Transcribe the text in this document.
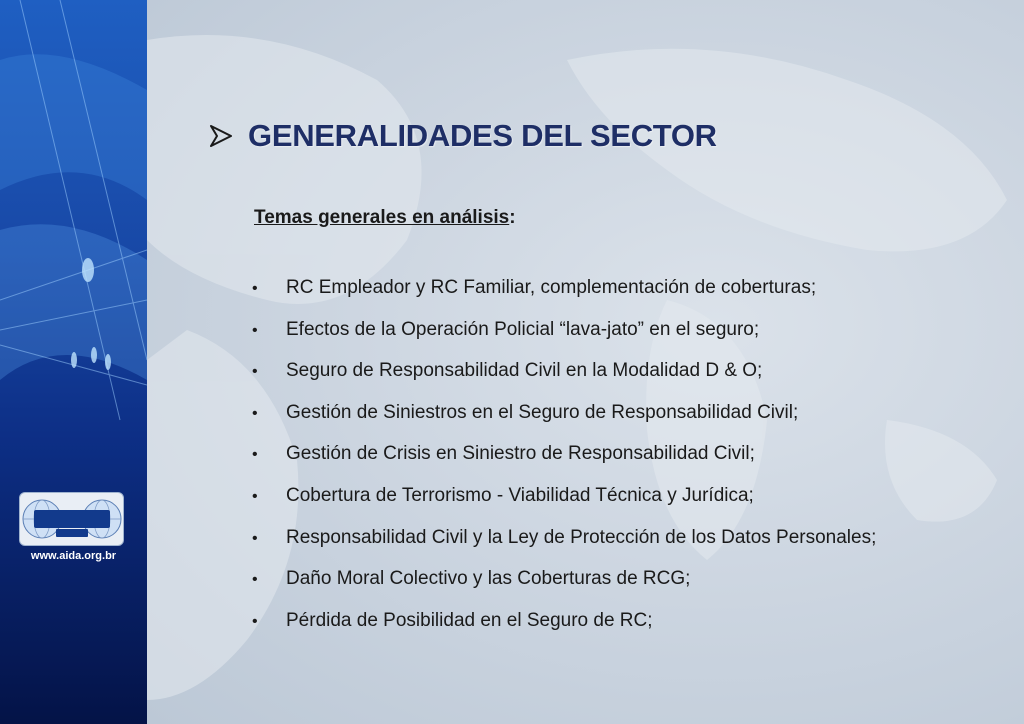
www.aida.org.br
GENERALIDADES DEL SECTOR
Temas generales en análisis:
•	RC Empleador y RC Familiar, complementación de coberturas;
•	Efectos de la Operación Policial “lava-jato” en el seguro;
•	Seguro de Responsabilidad Civil en la Modalidad D & O;
•	Gestión de Siniestros en el Seguro de Responsabilidad Civil;
•	Gestión de Crisis en Siniestro de Responsabilidad Civil;
•	Cobertura de Terrorismo - Viabilidad Técnica y Jurídica;
•	Responsabilidad Civil y la Ley de Protección de los Datos Personales;
•	Daño Moral Colectivo y las Coberturas de RCG;
•	Pérdida de Posibilidad en el Seguro de RC;
